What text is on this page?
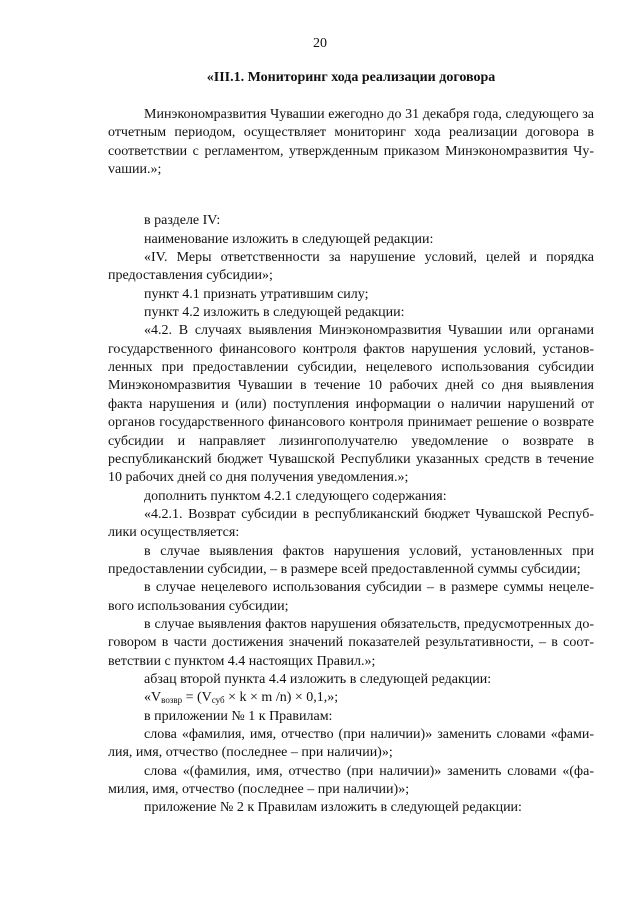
20
«III.1. Мониторинг хода реализации договора

Минэкономразвития Чувашии ежегодно до 31 декабря года, следующего за отчетным периодом, осуществляет мониторинг хода реализации договора в соответствии с регламентом, утвержденным приказом Минэкономразвития Чуvашии.»;

в разделе IV:

наименование изложить в следующей редакции:

«IV. Меры ответственности за нарушение условий, целей и порядка предоставления субсидии»;

пункт 4.1 признать утратившим силу;

пункт 4.2 изложить в следующей редакции:

«4.2. В случаях выявления Минэкономразвития Чувашии или органами государственного финансового контроля фактов нарушения условий, установленных при предоставлении субсидии, нецелевого использования субсидии Минэкономразвития Чувашии в течение 10 рабочих дней со дня выявления факта нарушения и (или) поступления информации о наличии нарушений от органов государственного финансового контроля принимает решение о возврате субсидии и направляет лизингополучателю уведомление о возврате в республиканский бюджет Чувашской Республики указанных средств в течение 10 рабочих дней со дня получения уведомления.»;

дополнить пунктом 4.2.1 следующего содержания:

«4.2.1. Возврат субсидии в республиканский бюджет Чувашской Республики осуществляется:

в случае выявления фактов нарушения условий, установленных при предоставлении субсидии, – в размере всей предоставленной суммы субсидии;

в случае нецелевого использования субсидии – в размере суммы нецелевого использования субсидии;

в случае выявления фактов нарушения обязательств, предусмотренных договором в части достижения значений показателей результативности, – в соответствии с пунктом 4.4 настоящих Правил.»;

абзац второй пункта 4.4 изложить в следующей редакции:

«$V_{возвр} = (V_{суб} \times k \times m$ /n) × 0,1,»;

в приложении № 1 к Правилам:

слова «фамилия, имя, отчество (при наличии)» заменить словами «фамилия, имя, отчество (последнее – при наличии)»;

слова «(фамилия, имя, отчество (при наличии)» заменить словами «(фамилия, имя, отчество (последнее – при наличии)»;

приложение № 2 к Правилам изложить в следующей редакции:
